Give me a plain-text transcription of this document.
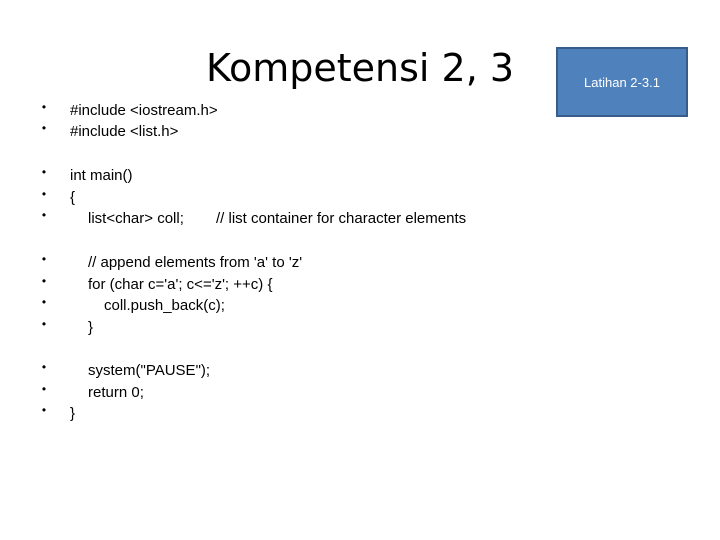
Kompetensi 2, 3	Latihan 2-3.1
• #include <iostream.h>
• #include <list.h>
• int main()
• {
•	list<char> coll; // list container for character elements
•	// append elements from 'a' to 'z'
•	for (char c='a'; c<='z'; ++c) {
•	coll.push_back(c);
•	}
•	system("PAUSE");
•	return 0;
• }
